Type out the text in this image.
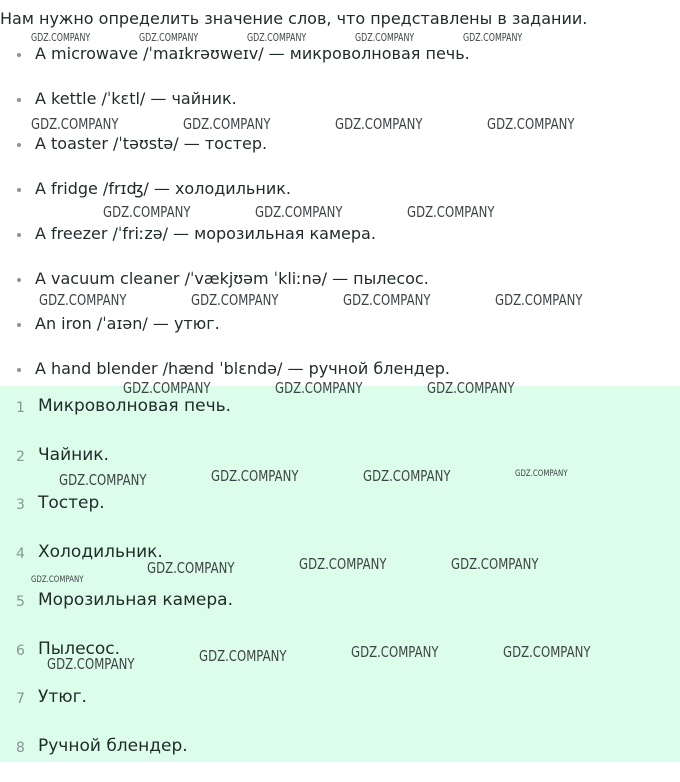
Нам нужно определить значение слов, что представлены в задании.
A microwave /ˈmaɪkrəʊweɪv/ — микроволновая печь.
A kettle /ˈkɛtl/ — чайник.
A toaster /ˈtəʊstə/ — тостер.
A fridge /frɪʤ/ — холодильник.
A freezer /ˈfriːzə/ — морозильная камера.
A vacuum cleaner /ˈvækjʊəm ˈkliːnə/ — пылесос.
An iron /ˈaɪən/ — утюг.
A hand blender /hænd ˈblɛndə/ — ручной блендер.
1 Микроволновая печь.
2 Чайник.
3 Тостер.
4 Холодильник.
5 Морозильная камера.
6 Пылесос.
7 Утюг.
8 Ручной блендер.
GDZ.COMPANY	GDZ.COMPANY	GDZ.COMPANY	GDZ.COMPANY	GDZ.COMPANY
GDZ.COMPANY	GDZ.COMPANY	GDZ.COMPANY	GDZ.COMPANY
GDZ.COMPANY	GDZ.COMPANY	GDZ.COMPANY
GDZ.COMPANY	GDZ.COMPANY	GDZ.COMPANY	GDZ.COMPANY
GDZ.COMPANY	GDZ.COMPANY	GDZ.COMPANY
GDZ.COMPANY	GDZ.COMPANY	GDZ.COMPANY	GDZ.COMPANY
GDZ.COMPANY	GDZ.COMPANY	GDZ.COMPANY
GDZ.COMPANY
GDZ.COMPANY	GDZ.COMPANY	GDZ.COMPANY	GDZ.COMPANY
